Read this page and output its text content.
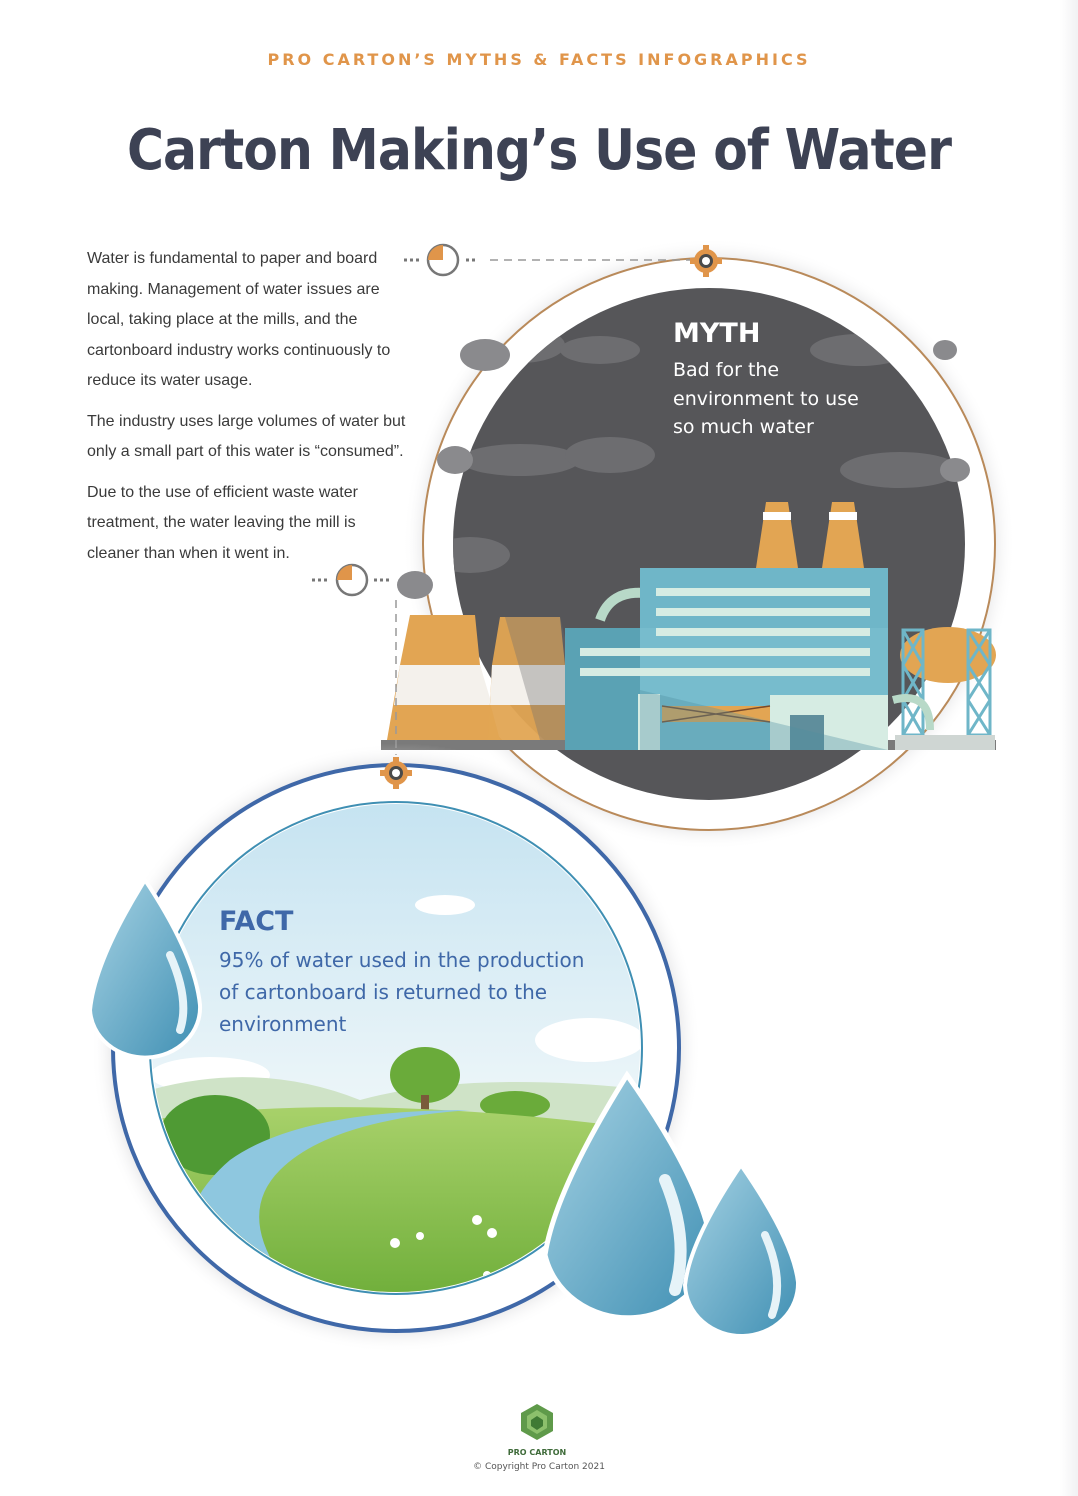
PRO CARTON’S MYTHS & FACTS INFOGRAPHICS
Carton Making’s Use of Water

Water is fundamental to paper and board making. Management of water issues are local, taking place at the mills, and the cartonboard industry works continuously to reduce its water usage.

The industry uses large volumes of water but only a small part of this water is “consumed”.

Due to the use of efficient waste water treatment, the water leaving the mill is cleaner than when it went in.

MYTH
Bad for the environment to use so much water
FACT
95% of water used in the production of cartonboard is returned to the environment
PRO CARTON
© Copyright Pro Carton 2021
